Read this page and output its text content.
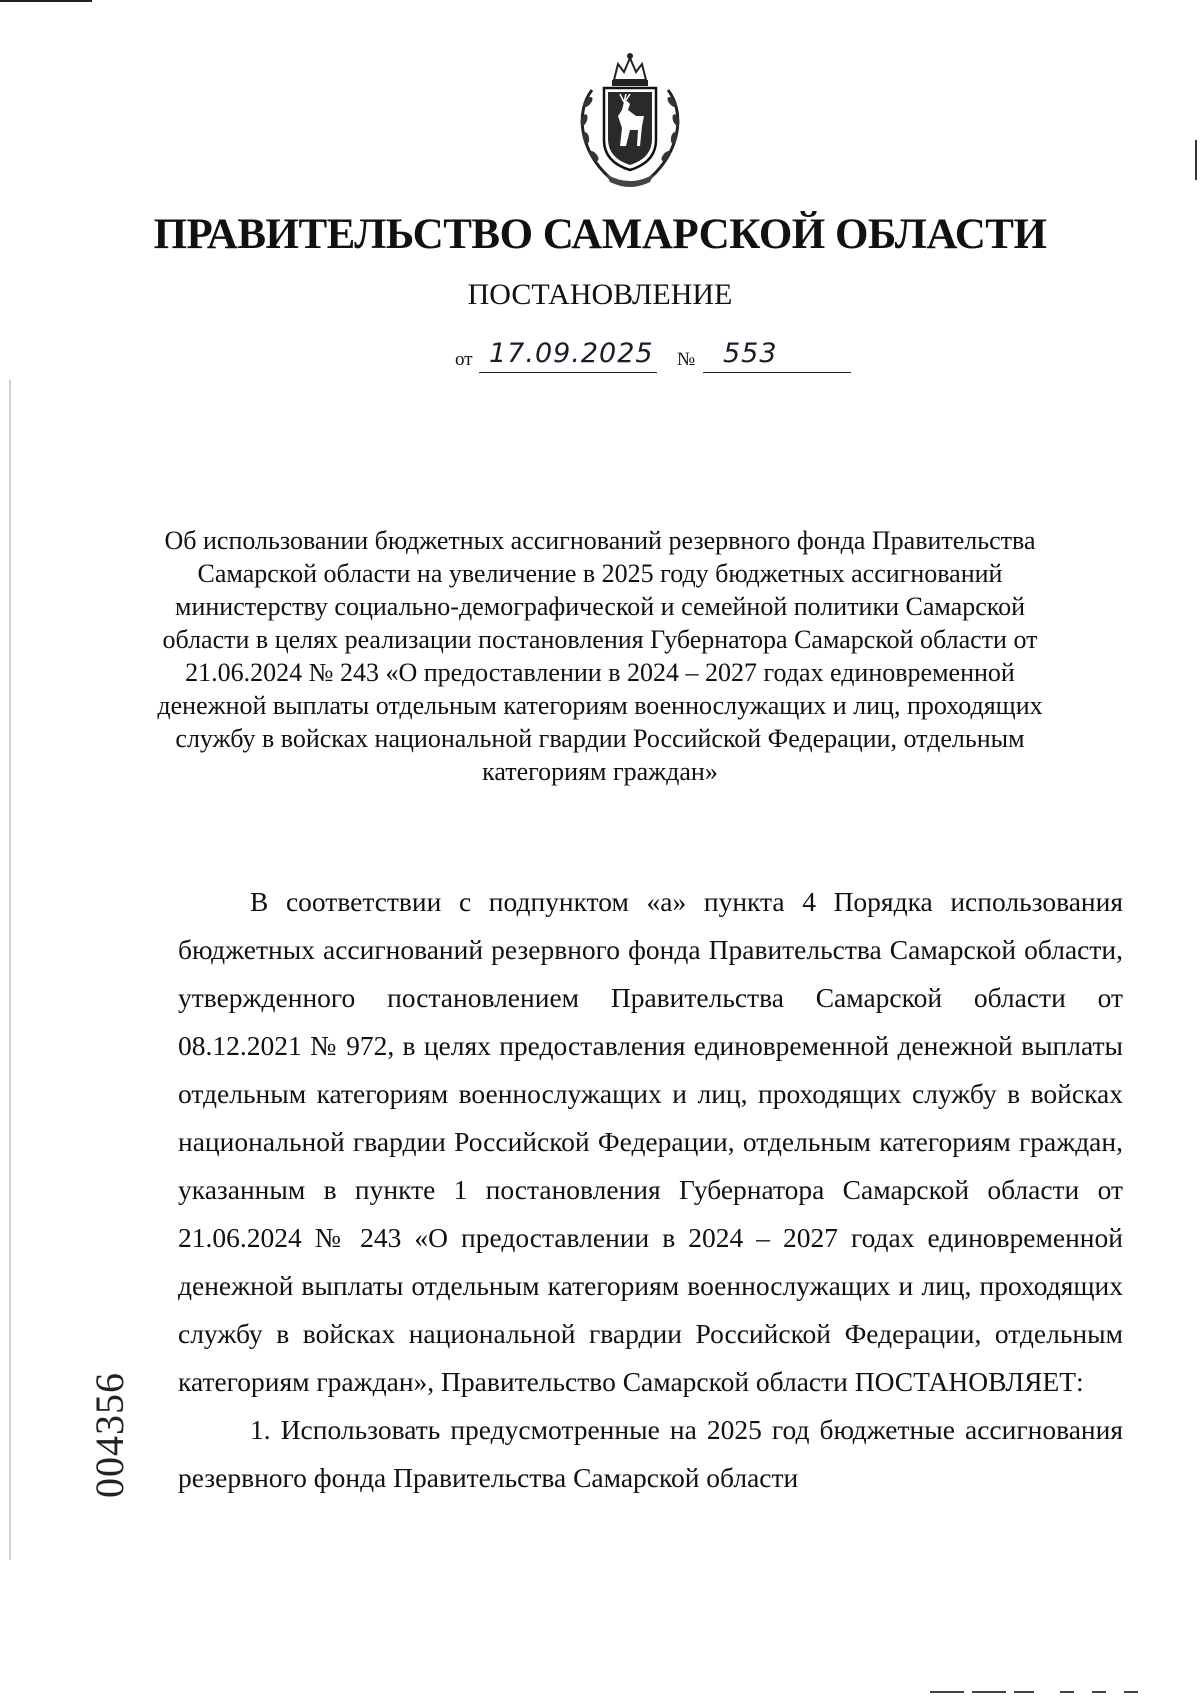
ПРАВИТЕЛЬСТВО САМАРСКОЙ ОБЛАСТИ
ПОСТАНОВЛЕНИЕ
от 17.09.2025 № 553

Об использовании бюджетных ассигнований резервного фонда Правительства Самарской области на увеличение в 2025 году бюджетных ассигнований министерству социально-демографической и семейной политики Самарской области в целях реализации постановления Губернатора Самарской области от 21.06.2024 № 243 «О предоставлении в 2024 – 2027 годах единовременной денежной выплаты отдельным категориям военнослужащих и лиц, проходящих службу в войсках национальной гвардии Российской Федерации, отдельным категориям граждан»

В соответствии с подпунктом «а» пункта 4 Порядка использования бюджетных ассигнований резервного фонда Правительства Самарской области, утвержденного постановлением Правительства Самарской области от 08.12.2021 № 972, в целях предоставления единовременной денежной выплаты отдельным категориям военнослужащих и лиц, проходящих службу в войсках национальной гвардии Российской Федерации, отдельным категориям граждан, указанным в пункте 1 постановления Губернатора Самарской области от 21.06.2024 № 243 «О предоставлении в 2024 – 2027 годах единовременной денежной выплаты отдельным категориям военнослужащих и лиц, проходящих службу в войсках национальной гвардии Российской Федерации, отдельным категориям граждан», Правительство Самарской области ПОСТАНОВЛЯЕТ:

1. Использовать предусмотренные на 2025 год бюджетные ассигнования резервного фонда Правительства Самарской области

004356
